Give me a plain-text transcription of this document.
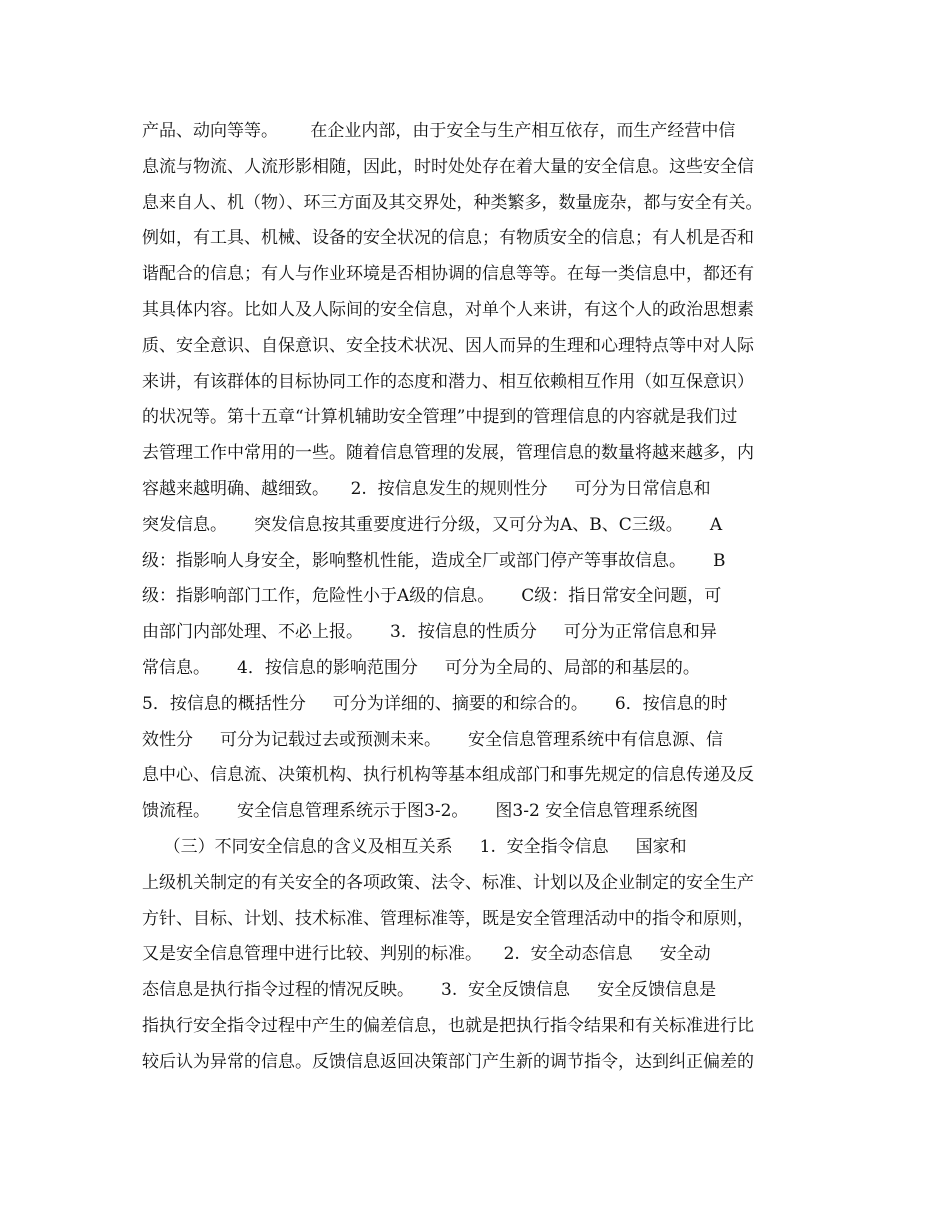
产品、动向等等。      在企业内部，由于安全与生产相互依存，而生产经营中信
息流与物流、人流形影相随，因此，时时处处存在着大量的安全信息。这些安全信
息来自人、机（物）、环三方面及其交界处，种类繁多，数量庞杂，都与安全有关。
例如，有工具、机械、设备的安全状况的信息；有物质安全的信息；有人机是否和
谐配合的信息；有人与作业环境是否相协调的信息等等。在每一类信息中，都还有
其具体内容。比如人及人际间的安全信息，对单个人来讲，有这个人的政治思想素
质、安全意识、自保意识、安全技术状况、因人而异的生理和心理特点等中对人际
来讲，有该群体的目标协同工作的态度和潜力、相互依赖相互作用（如互保意识）
的状况等。第十五章“计算机辅助安全管理”中提到的管理信息的内容就是我们过
去管理工作中常用的一些。随着信息管理的发展，管理信息的数量将越来越多，内
容越来越明确、越细致。    2.  按信息发生的规则性分     可分为日常信息和
突发信息。     突发信息按其重要度进行分级，又可分为A、B、C三级。     A
级：指影响人身安全，影响整机性能，造成全厂或部门停产等事故信息。     B
级：指影响部门工作，危险性小于A级的信息。     C级：指日常安全问题，可
由部门内部处理、不必上报。     3．按信息的性质分     可分为正常信息和异
常信息。     4．按信息的影响范围分     可分为全局的、局部的和基层的。
5．按信息的概括性分     可分为详细的、摘要的和综合的。     6．按信息的时
效性分     可分为记载过去或预测未来。     安全信息管理系统中有信息源、信
息中心、信息流、决策机构、执行机构等基本组成部门和事先规定的信息传递及反
馈流程。     安全信息管理系统示于图3-2。     图3-2 安全信息管理系统图
（三）不同安全信息的含义及相互关系     1.  安全指令信息     国家和
上级机关制定的有关安全的各项政策、法令、标准、计划以及企业制定的安全生产
方针、目标、计划、技术标准、管理标准等，既是安全管理活动中的指令和原则，
又是安全信息管理中进行比较、判别的标准。    2.  安全动态信息     安全动
态信息是执行指令过程的情况反映。     3.  安全反馈信息     安全反馈信息是
指执行安全指令过程中产生的偏差信息，也就是把执行指令结果和有关标准进行比
较后认为异常的信息。反馈信息返回决策部门产生新的调节指令，达到纠正偏差的
